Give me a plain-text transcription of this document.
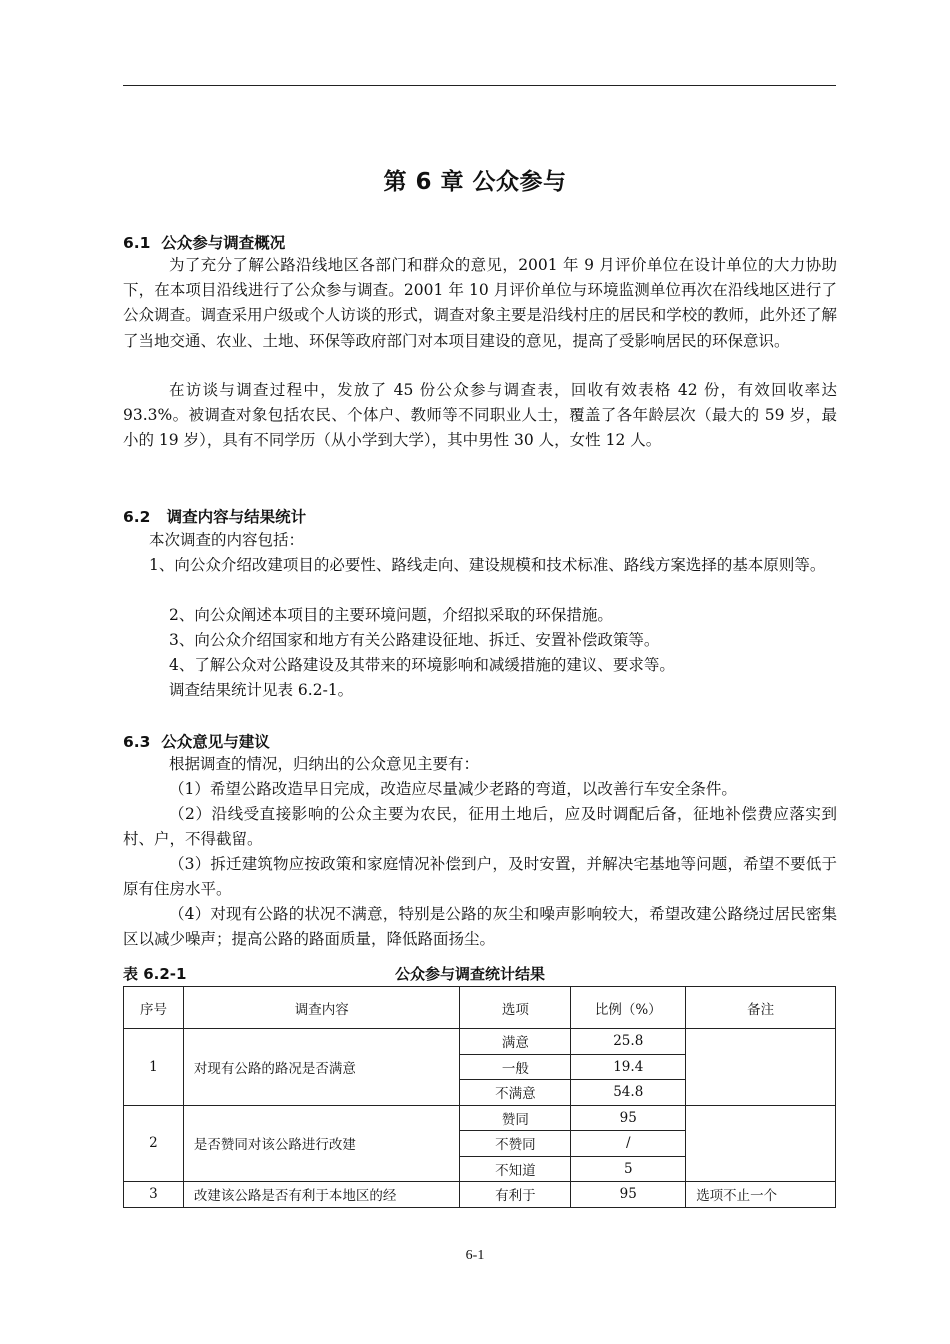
第 6 章 公众参与
6.1  公众参与调查概况
为了充分了解公路沿线地区各部门和群众的意见，2001 年 9 月评价单位在设计单位的大力协助下，在本项目沿线进行了公众参与调查。2001 年 10 月评价单位与环境监测单位再次在沿线地区进行了公众调查。调查采用户级或个人访谈的形式，调查对象主要是沿线村庄的居民和学校的教师，此外还了解了当地交通、农业、土地、环保等政府部门对本项目建设的意见，提高了受影响居民的环保意识。
在访谈与调查过程中，发放了 45 份公众参与调查表，回收有效表格 42 份，有效回收率达 93.3%。被调查对象包括农民、个体户、教师等不同职业人士，覆盖了各年龄层次（最大的 59 岁，最小的 19 岁），具有不同学历（从小学到大学），其中男性 30 人，女性 12 人。
6.2   调查内容与结果统计
本次调查的内容包括：
1、向公众介绍改建项目的必要性、路线走向、建设规模和技术标准、路线方案选择的基本原则等。
2、向公众阐述本项目的主要环境问题，介绍拟采取的环保措施。
3、向公众介绍国家和地方有关公路建设征地、拆迁、安置补偿政策等。
4、了解公众对公路建设及其带来的环境影响和减缓措施的建议、要求等。
调查结果统计见表 6.2-1。
6.3  公众意见与建议
根据调查的情况，归纳出的公众意见主要有：
（1）希望公路改造早日完成，改造应尽量减少老路的弯道，以改善行车安全条件。
（2）沿线受直接影响的公众主要为农民，征用土地后，应及时调配后备，征地补偿费应落实到村、户，不得截留。
（3）拆迁建筑物应按政策和家庭情况补偿到户，及时安置，并解决宅基地等问题，希望不要低于原有住房水平。
（4）对现有公路的状况不满意，特别是公路的灰尘和噪声影响较大，希望改建公路绕过居民密集区以减少噪声；提高公路的路面质量，降低路面扬尘。
表 6.2-1	公众参与调查统计结果
序号	调查内容	选项	比例（%）	备注
1	对现有公路的路况是否满意	满意	25.8	
		一般	19.4	
		不满意	54.8	
2	是否赞同对该公路进行改建	赞同	95	
		不赞同	/	
		不知道	5	
3	改建该公路是否有利于本地区的经	有利于	95	选项不止一个
6-1
